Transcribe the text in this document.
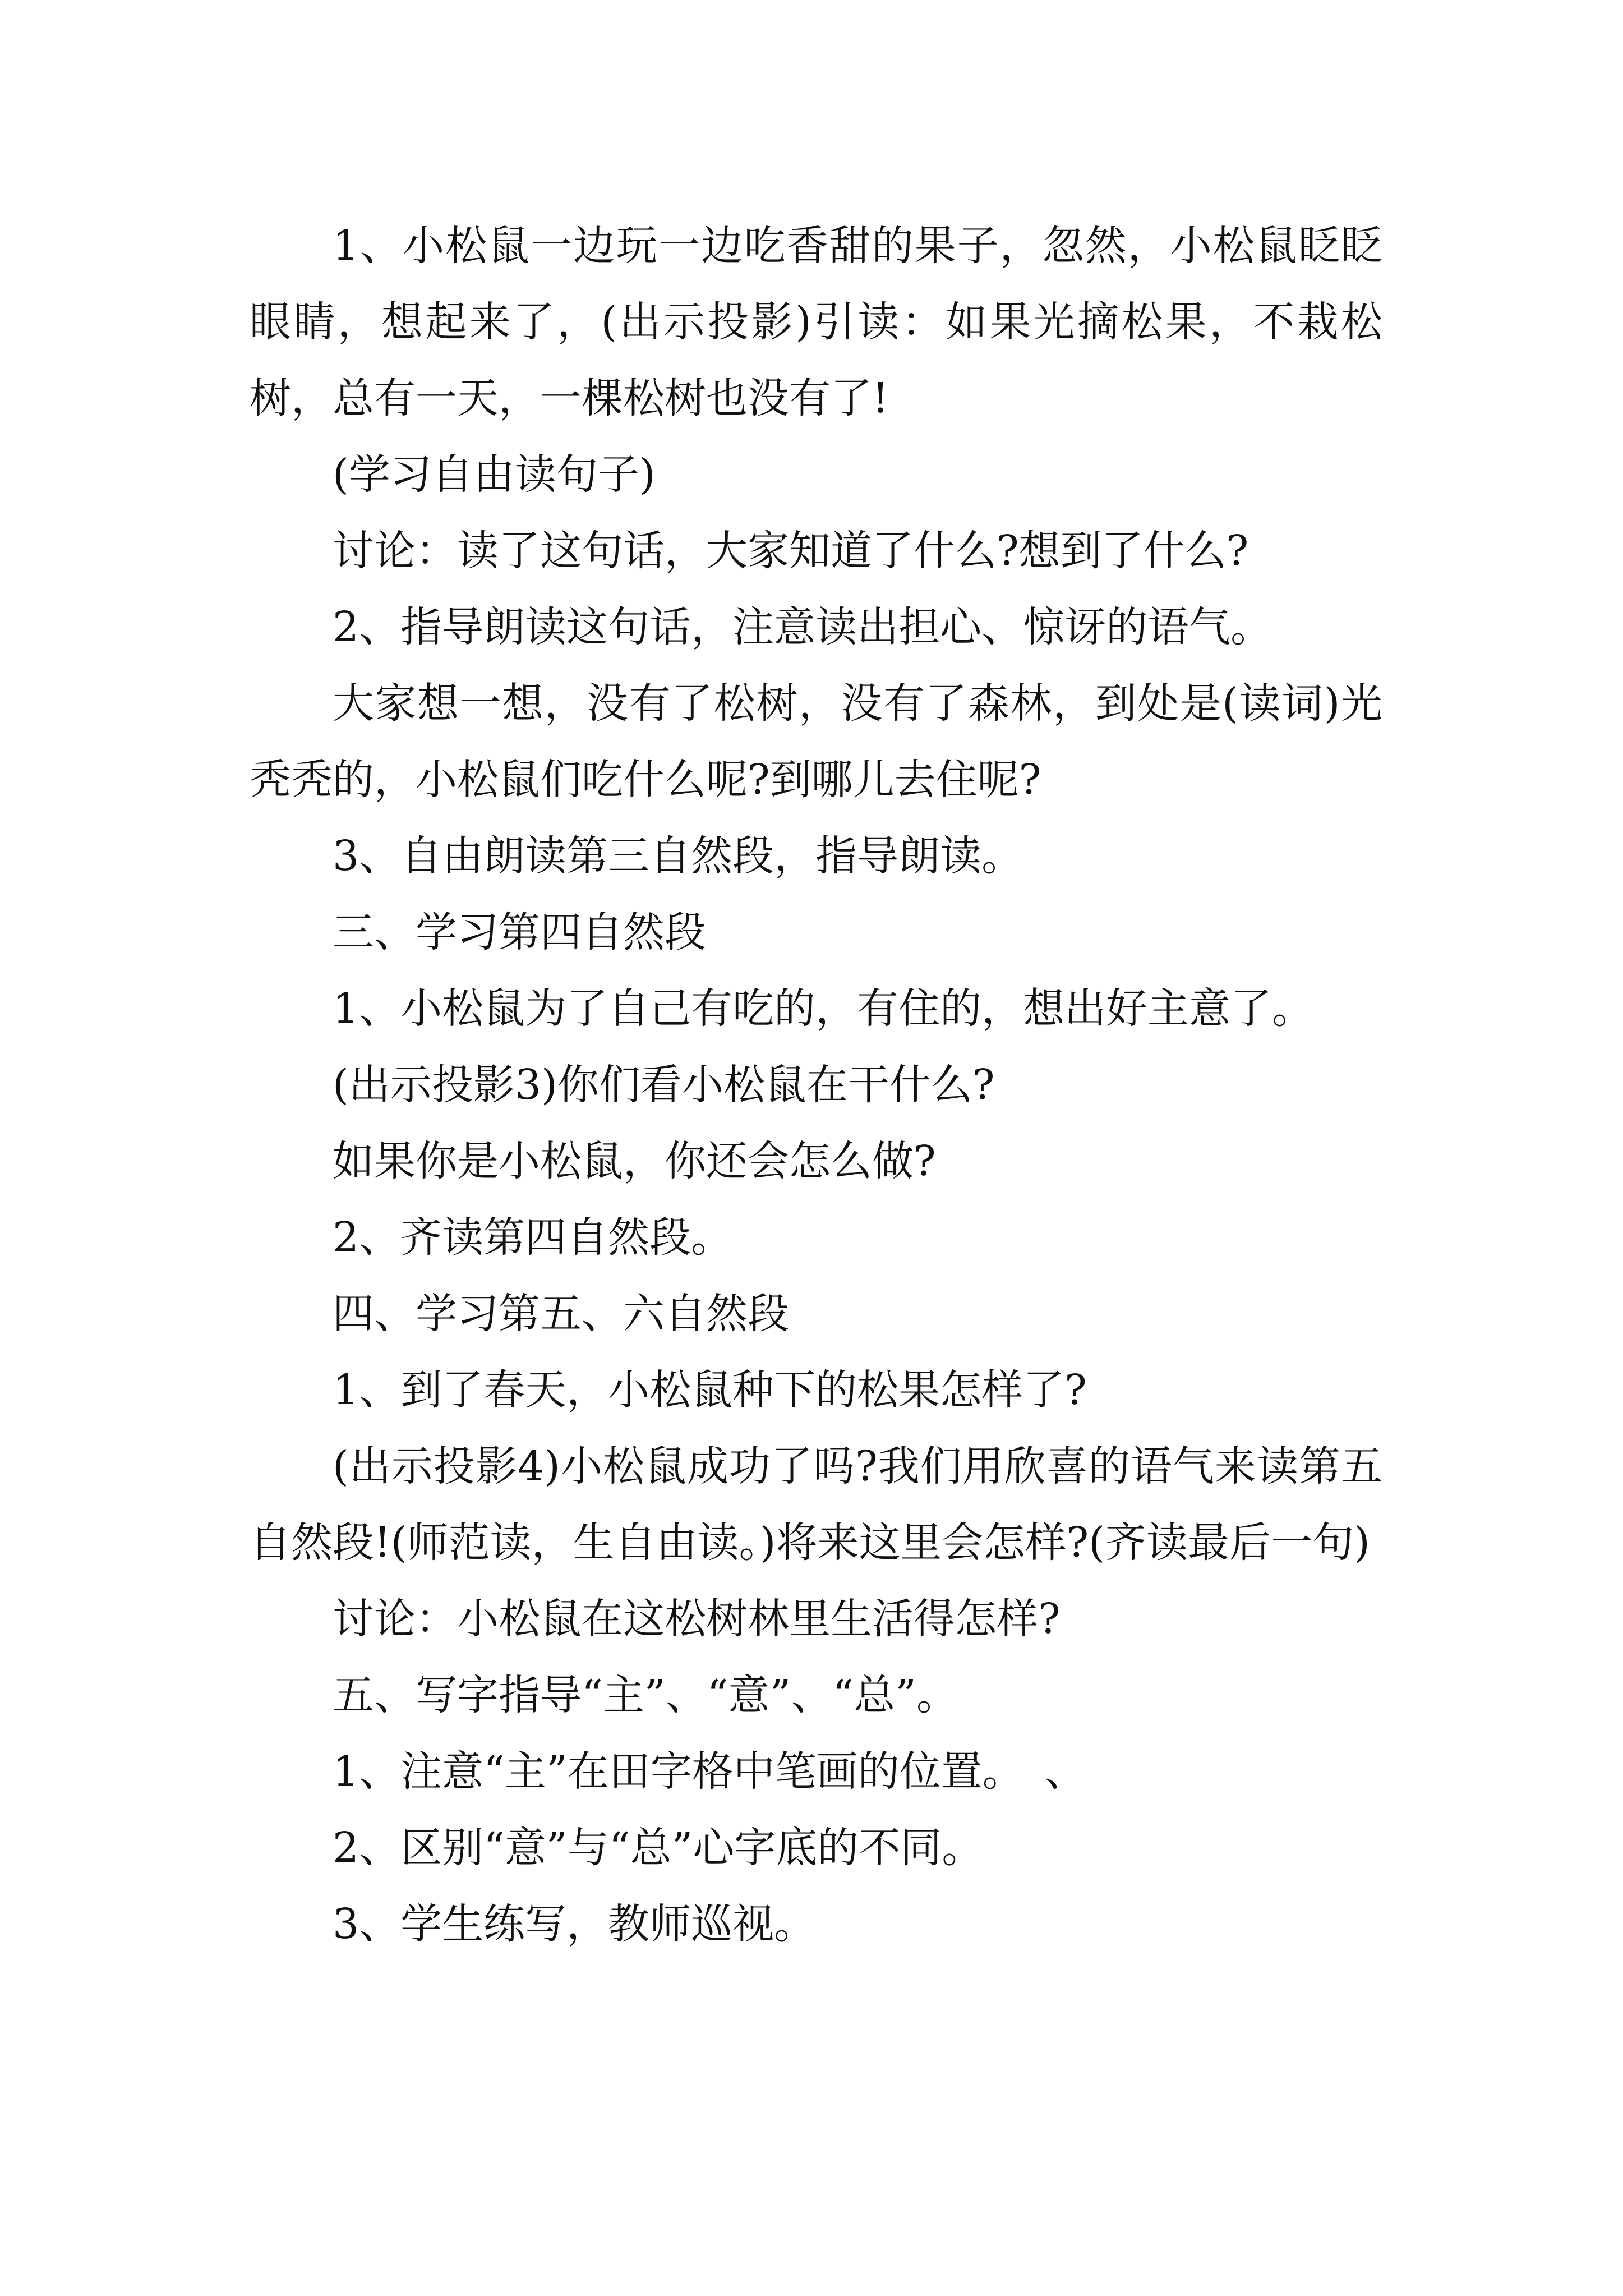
1、小松鼠一边玩一边吃香甜的果子，忽然，小松鼠眨眨眼睛，想起来了，(出示投影)引读：如果光摘松果，不栽松树，总有一天，一棵松树也没有了!

(学习自由读句子)

讨论：读了这句话，大家知道了什么?想到了什么?

2、指导朗读这句话，注意读出担心、惊讶的语气。

大家想一想，没有了松树，没有了森林，到处是(读词)光秃秃的，小松鼠们吃什么呢?到哪儿去住呢?

3、自由朗读第三自然段，指导朗读。

三、学习第四自然段

1、小松鼠为了自己有吃的，有住的，想出好主意了。

(出示投影3)你们看小松鼠在干什么?

如果你是小松鼠，你还会怎么做?

2、齐读第四自然段。

四、学习第五、六自然段

1、到了春天，小松鼠种下的松果怎样了?

(出示投影4)小松鼠成功了吗?我们用欣喜的语气来读第五自然段!(师范读，生自由读。)将来这里会怎样?(齐读最后一句)

讨论：小松鼠在这松树林里生活得怎样?

五、写字指导“主”、“意”、“总”。

1、注意“主”在田字格中笔画的位置。　、

2、区别“意”与“总”心字底的不同。

3、学生练写，教师巡视。
